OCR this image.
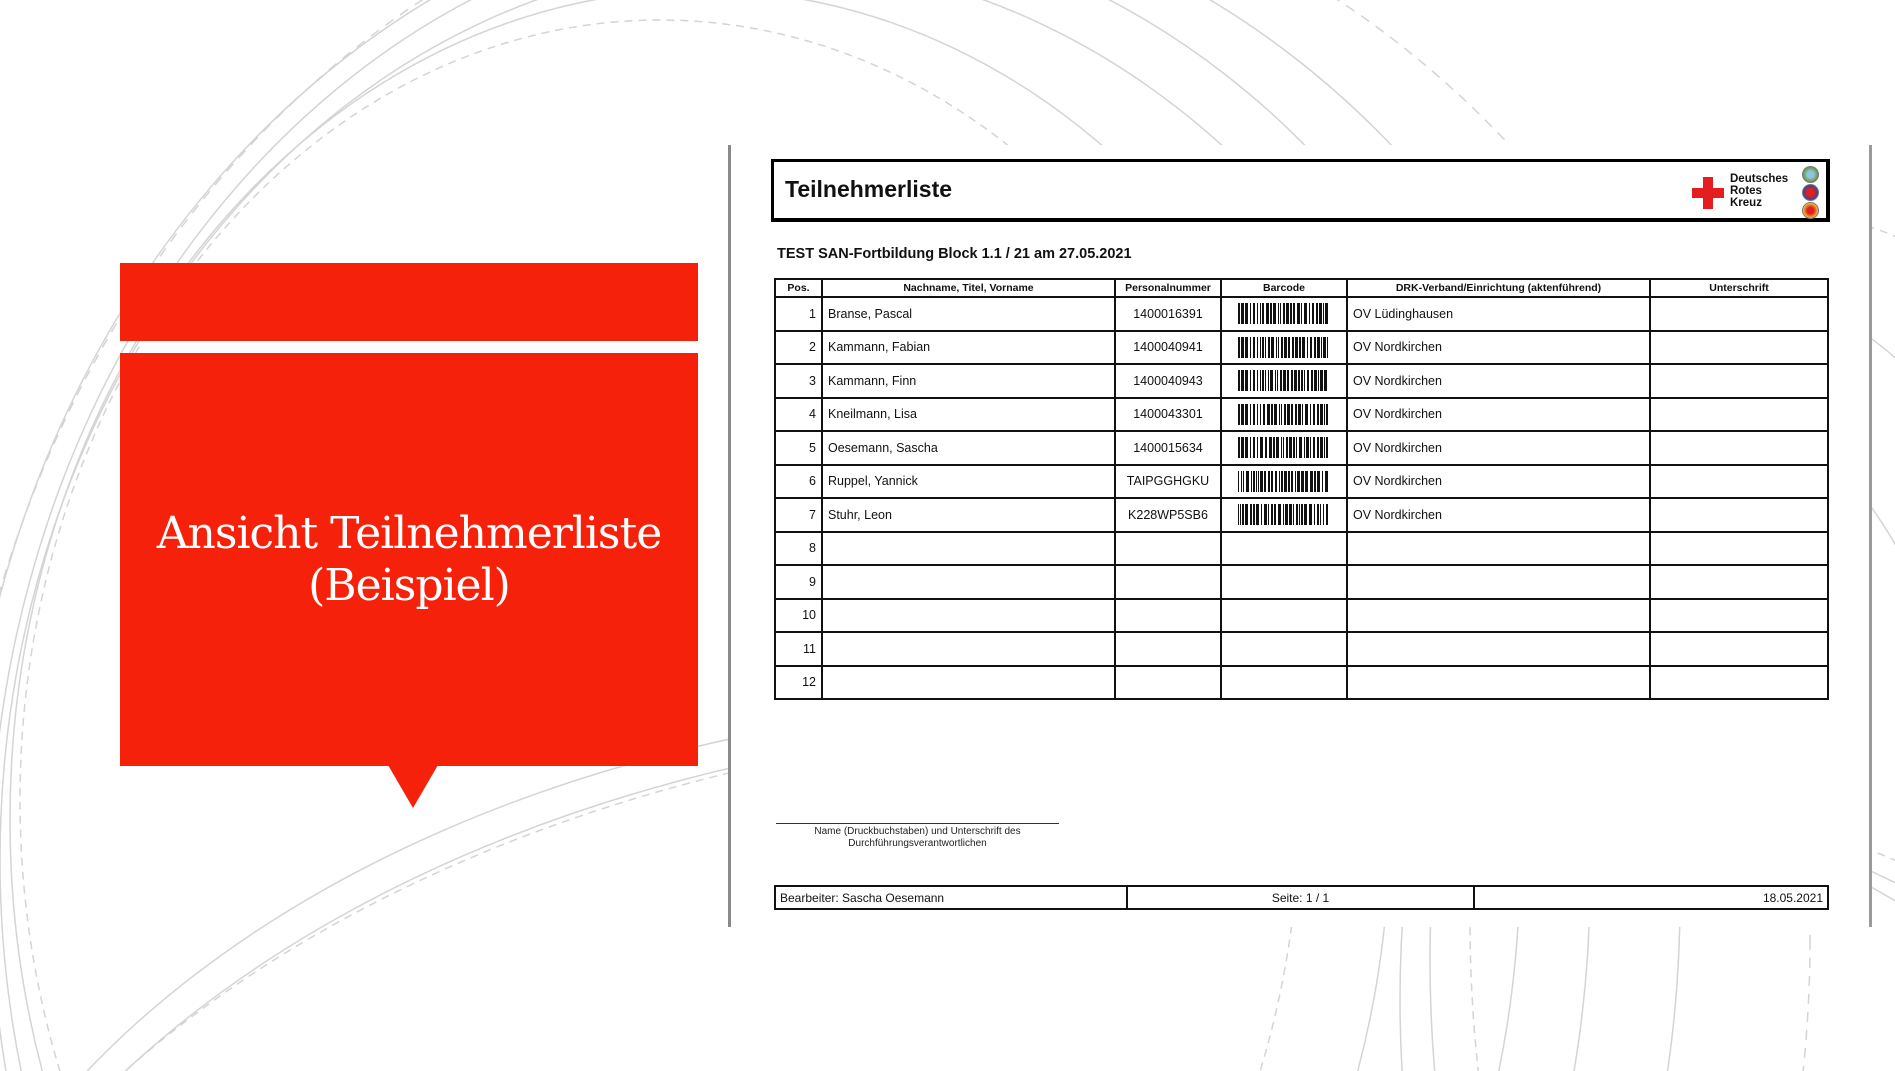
Ansicht Teilnehmerliste
(Beispiel)
Teilnehmerliste	Deutsches
Rotes
Kreuz
TEST SAN-Fortbildung Block 1.1 / 21 am 27.05.2021
Pos.	Nachname, Titel, Vorname	Personalnummer	Barcode	DRK-Verband/Einrichtung (aktenführend)	Unterschrift
1	Branse, Pascal	1400016391		OV Lüdinghausen	
2	Kammann, Fabian	1400040941		OV Nordkirchen	
3	Kammann, Finn	1400040943		OV Nordkirchen	
4	Kneilmann, Lisa	1400043301		OV Nordkirchen	
5	Oesemann, Sascha	1400015634		OV Nordkirchen	
6	Ruppel, Yannick	TAIPGGHGKU		OV Nordkirchen	
7	Stuhr, Leon	K228WP5SB6		OV Nordkirchen	
8					
9					
10					
11					
12					
Name (Druckbuchstaben) und Unterschrift des Durchführungsverantwortlichen
Bearbeiter: Sascha Oesemann	Seite: 1 / 1	18.05.2021
